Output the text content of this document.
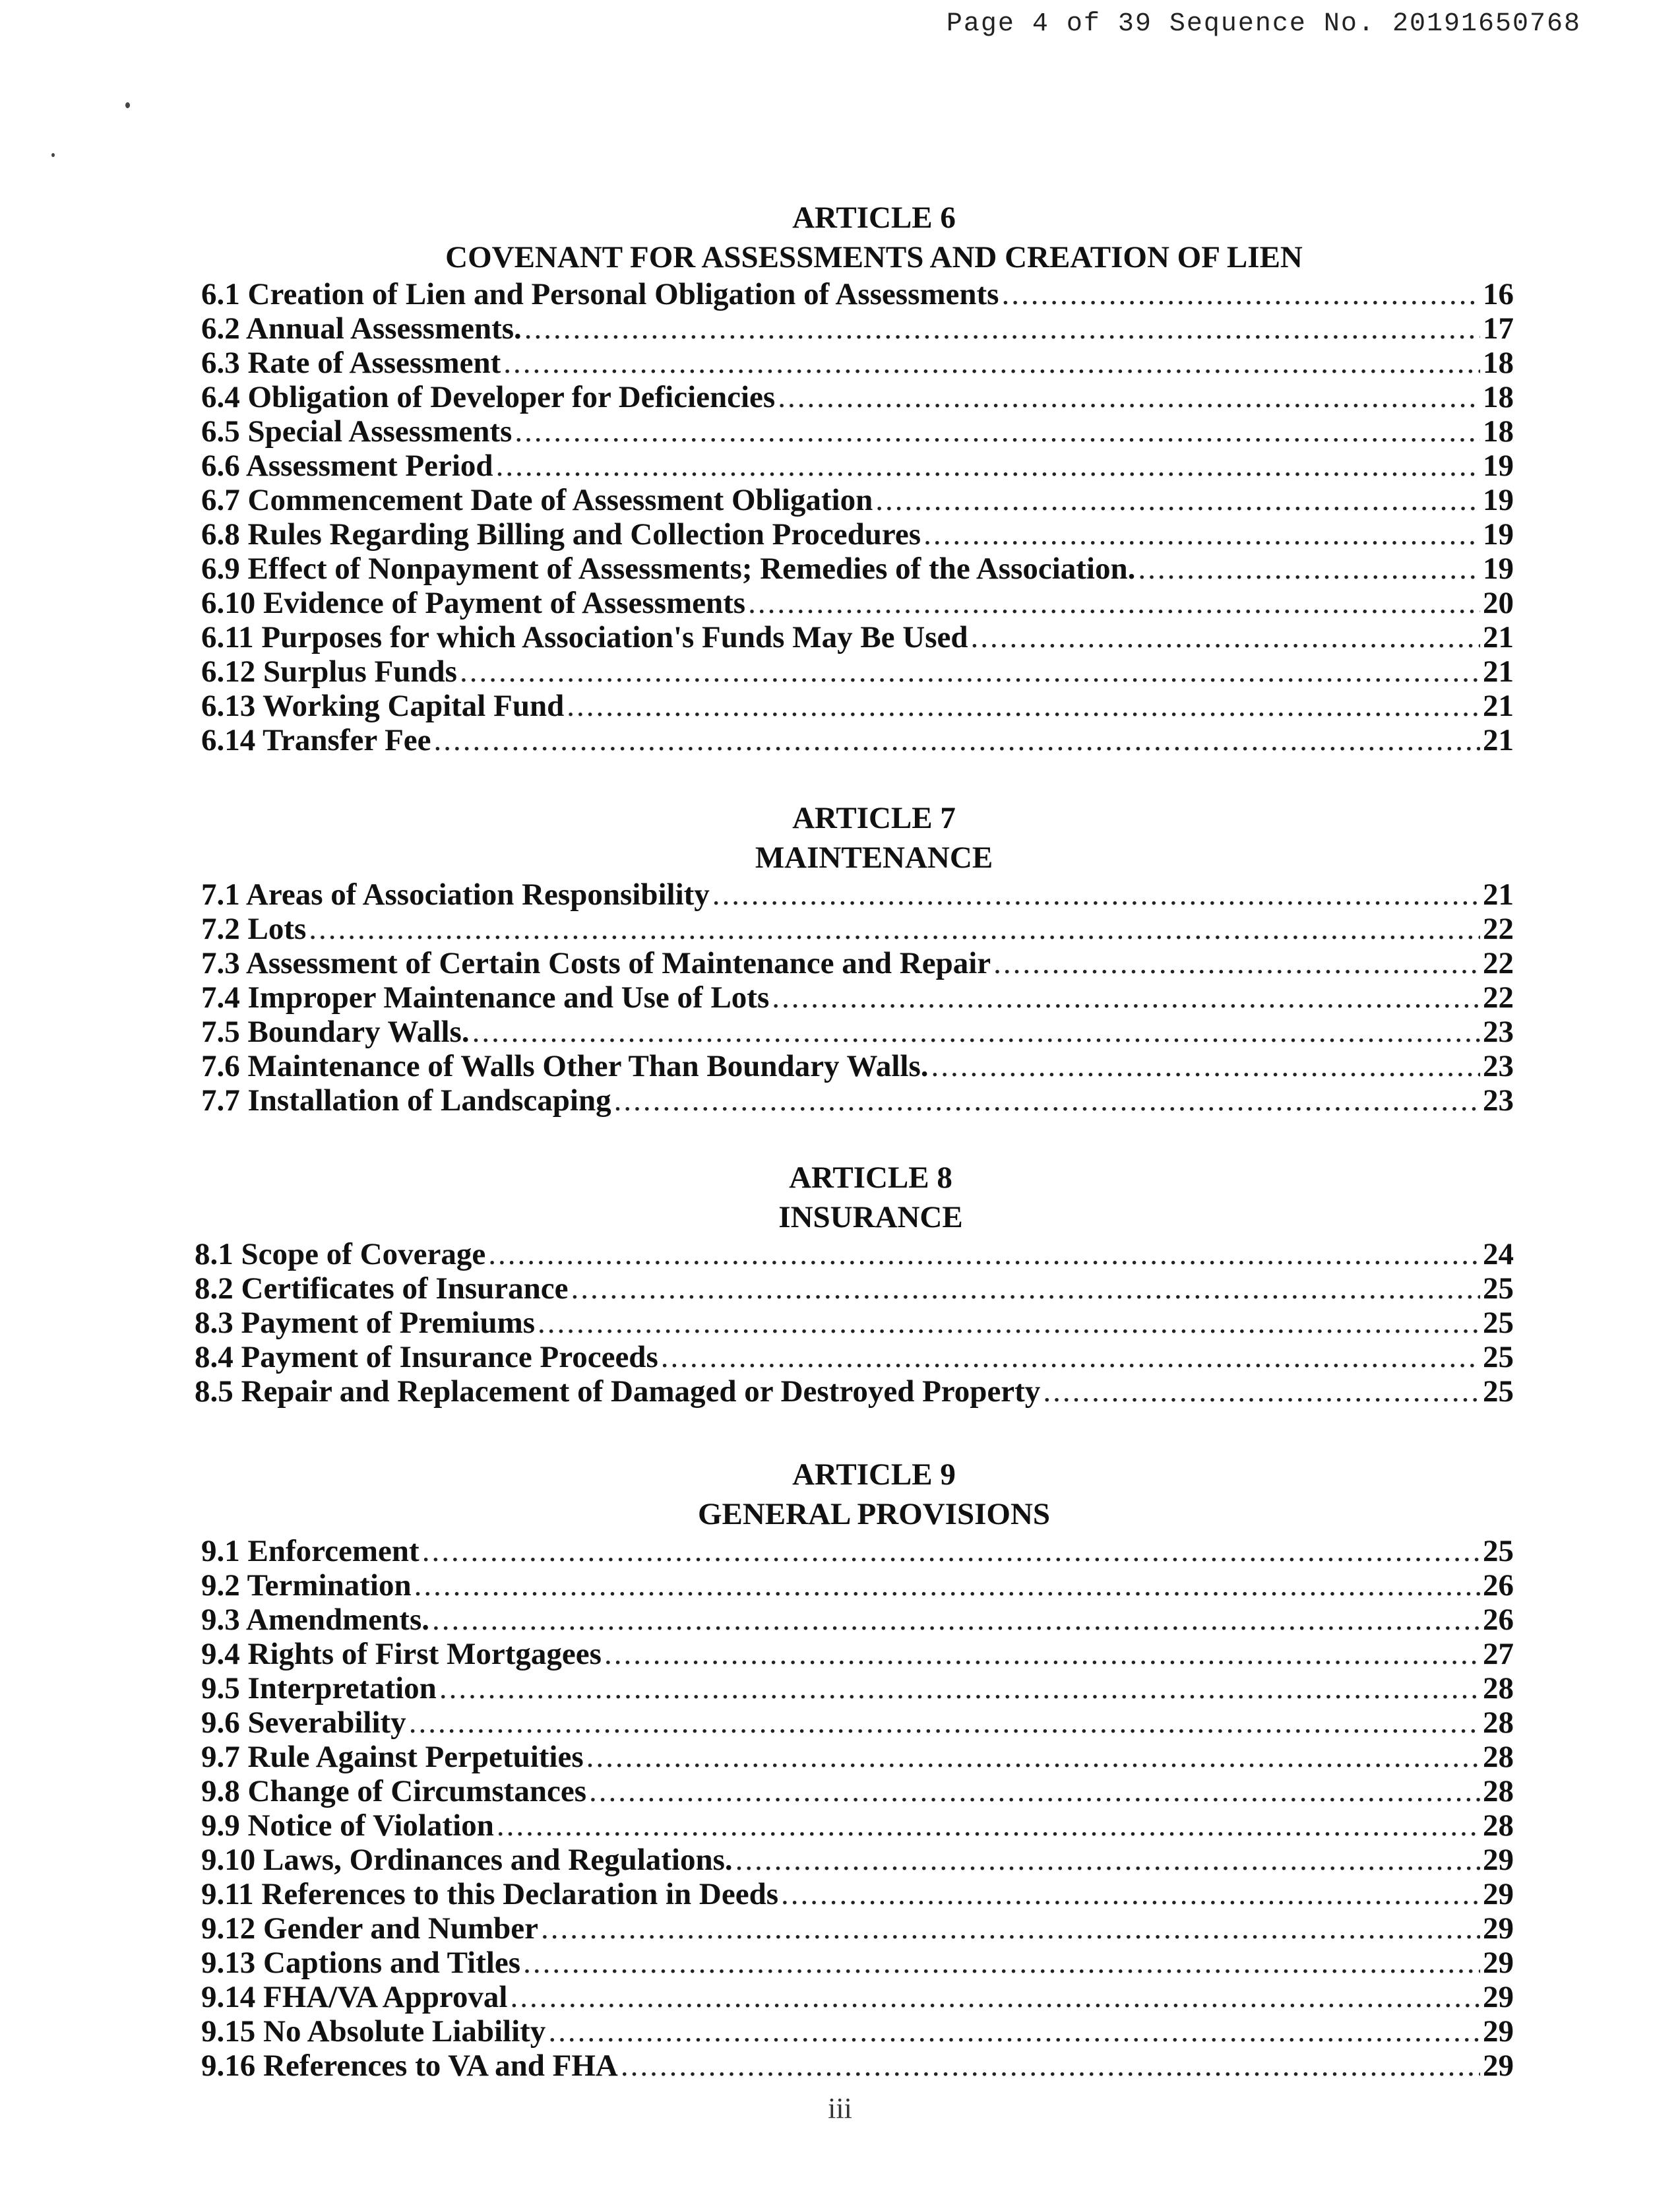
Page 4 of 39 Sequence No. 20191650768
ARTICLE 6
COVENANT FOR ASSESSMENTS AND CREATION OF LIEN
6.1 Creation of Lien and Personal Obligation of Assessments .....	16
6.2 Annual Assessments. .....	17
6.3 Rate of Assessment .....	18
6.4 Obligation of Developer for Deficiencies .....	18
6.5 Special Assessments .....	18
6.6 Assessment Period .....	19
6.7 Commencement Date of Assessment Obligation .....	19
6.8 Rules Regarding Billing and Collection Procedures .....	19
6.9 Effect of Nonpayment of Assessments; Remedies of the Association. .....	19
6.10 Evidence of Payment of Assessments .....	20
6.11 Purposes for which Association's Funds May Be Used .....	21
6.12 Surplus Funds .....	21
6.13 Working Capital Fund .....	21
6.14 Transfer Fee .....	21
ARTICLE 7
MAINTENANCE
7.1 Areas of Association Responsibility .....	21
7.2 Lots .....	22
7.3 Assessment of Certain Costs of Maintenance and Repair .....	22
7.4 Improper Maintenance and Use of Lots .....	22
7.5 Boundary Walls. .....	23
7.6 Maintenance of Walls Other Than Boundary Walls. .....	23
7.7 Installation of Landscaping .....	23
ARTICLE 8
INSURANCE
8.1 Scope of Coverage .....	24
8.2 Certificates of Insurance .....	25
8.3 Payment of Premiums .....	25
8.4 Payment of Insurance Proceeds .....	25
8.5 Repair and Replacement of Damaged or Destroyed Property .....	25
ARTICLE 9
GENERAL PROVISIONS
9.1 Enforcement .....	25
9.2 Termination .....	26
9.3 Amendments. .....	26
9.4 Rights of First Mortgagees .....	27
9.5 Interpretation .....	28
9.6 Severability .....	28
9.7 Rule Against Perpetuities .....	28
9.8 Change of Circumstances .....	28
9.9 Notice of Violation .....	28
9.10 Laws, Ordinances and Regulations. .....	29
9.11 References to this Declaration in Deeds .....	29
9.12 Gender and Number .....	29
9.13 Captions and Titles .....	29
9.14 FHA/VA Approval .....	29
9.15 No Absolute Liability .....	29
9.16 References to VA and FHA .....	29
iii
